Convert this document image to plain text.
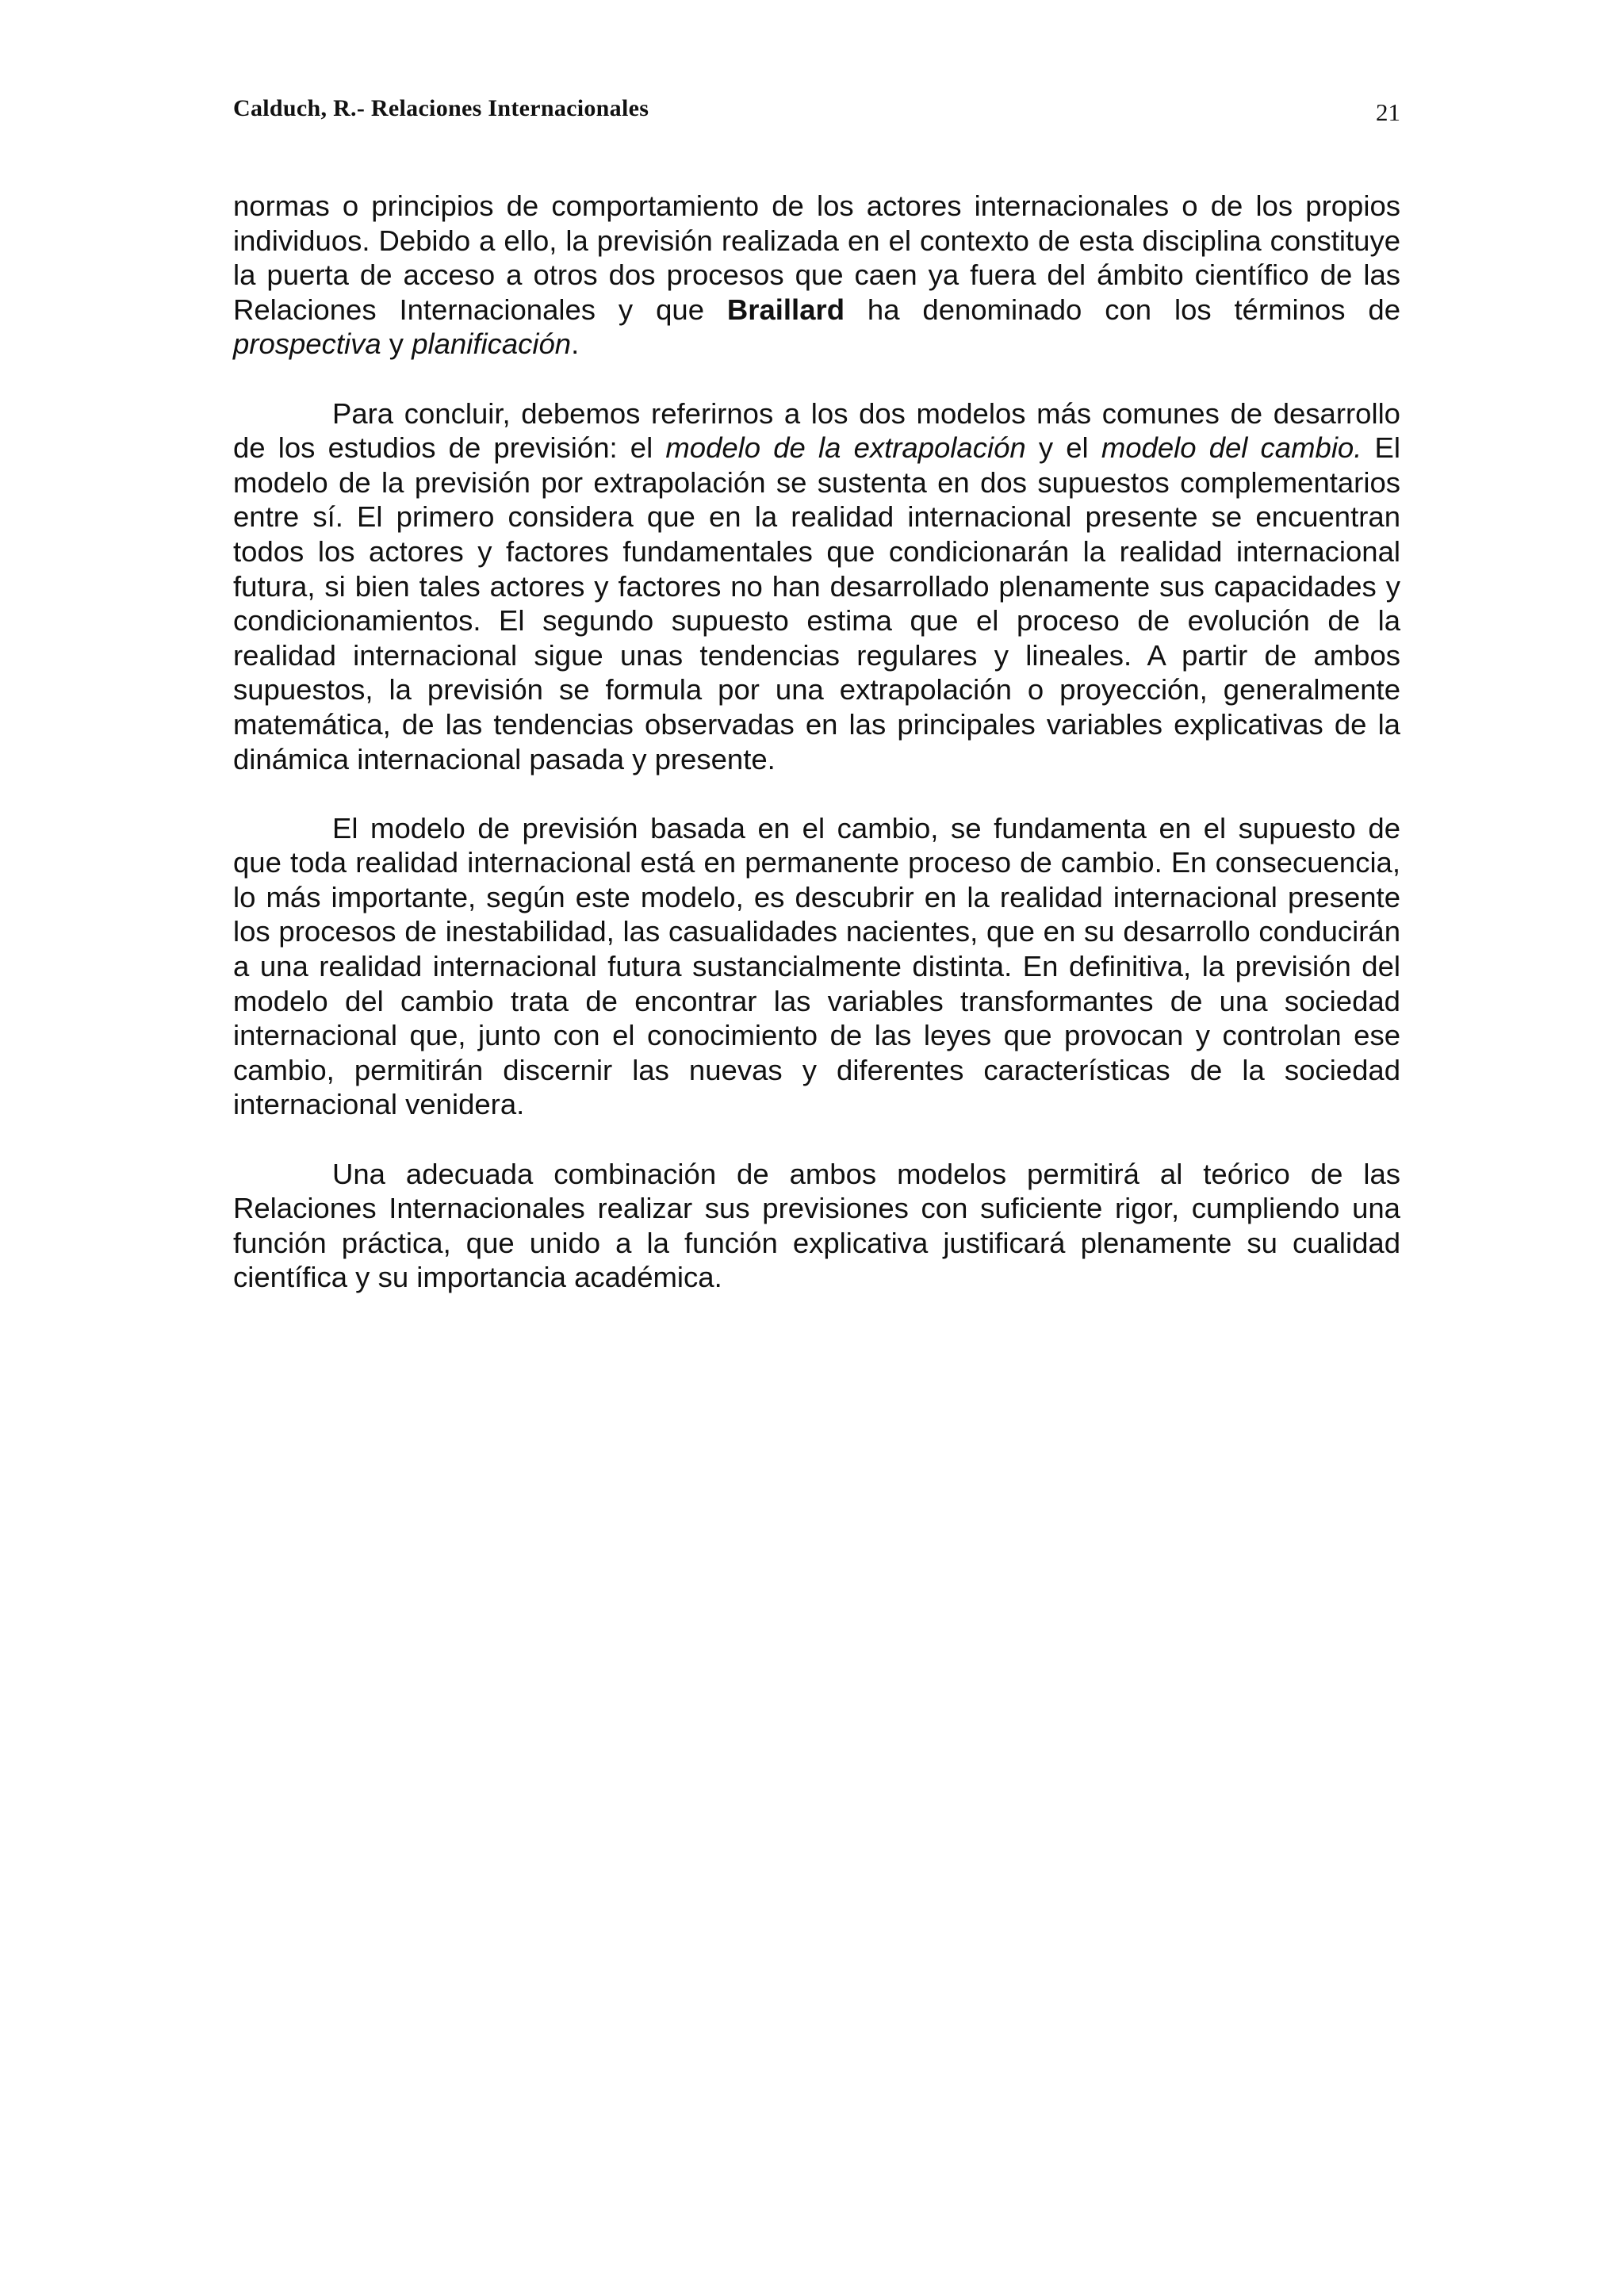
Calduch, R.- Relaciones Internacionales	21

normas o principios de comportamiento de los actores internacionales o de los propios individuos. Debido a ello, la previsión realizada en el contexto de esta disciplina constituye la puerta de acceso a otros dos procesos que caen ya fuera del ámbito científico de las Relaciones Internacionales y que Braillard ha denominado con los términos de prospectiva y planificación.

Para concluir, debemos referirnos a los dos modelos más comunes de desarrollo de los estudios de previsión: el modelo de la extrapolación y el modelo del cambio. El modelo de la previsión por extrapolación se sustenta en dos supuestos complementarios entre sí. El primero considera que en la realidad internacional presente se encuentran todos los actores y factores fundamentales que condicionarán la realidad internacional futura, si bien tales actores y factores no han desarrollado plenamente sus capacidades y condicionamientos. El segundo supuesto estima que el proceso de evolución de la realidad internacional sigue unas tendencias regulares y lineales. A partir de ambos supuestos, la previsión se formula por una extrapolación o proyección, generalmente matemática, de las tendencias observadas en las principales variables explicativas de la dinámica internacional pasada y presente.

El modelo de previsión basada en el cambio, se fundamenta en el supuesto de que toda realidad internacional está en permanente proceso de cambio. En consecuencia, lo más importante, según este modelo, es descubrir en la realidad internacional presente los procesos de inestabilidad, las casualidades nacientes, que en su desarrollo conducirán a una realidad internacional futura sustancialmente distinta. En definitiva, la previsión del modelo del cambio trata de encontrar las variables transformantes de una sociedad internacional que, junto con el conocimiento de las leyes que provocan y controlan ese cambio, permitirán discernir las nuevas y diferentes características de la sociedad internacional venidera.

Una adecuada combinación de ambos modelos permitirá al teórico de las Relaciones Internacionales realizar sus previsiones con suficiente rigor, cumpliendo una función práctica, que unido a la función explicativa justificará plenamente su cualidad científica y su importancia académica.
